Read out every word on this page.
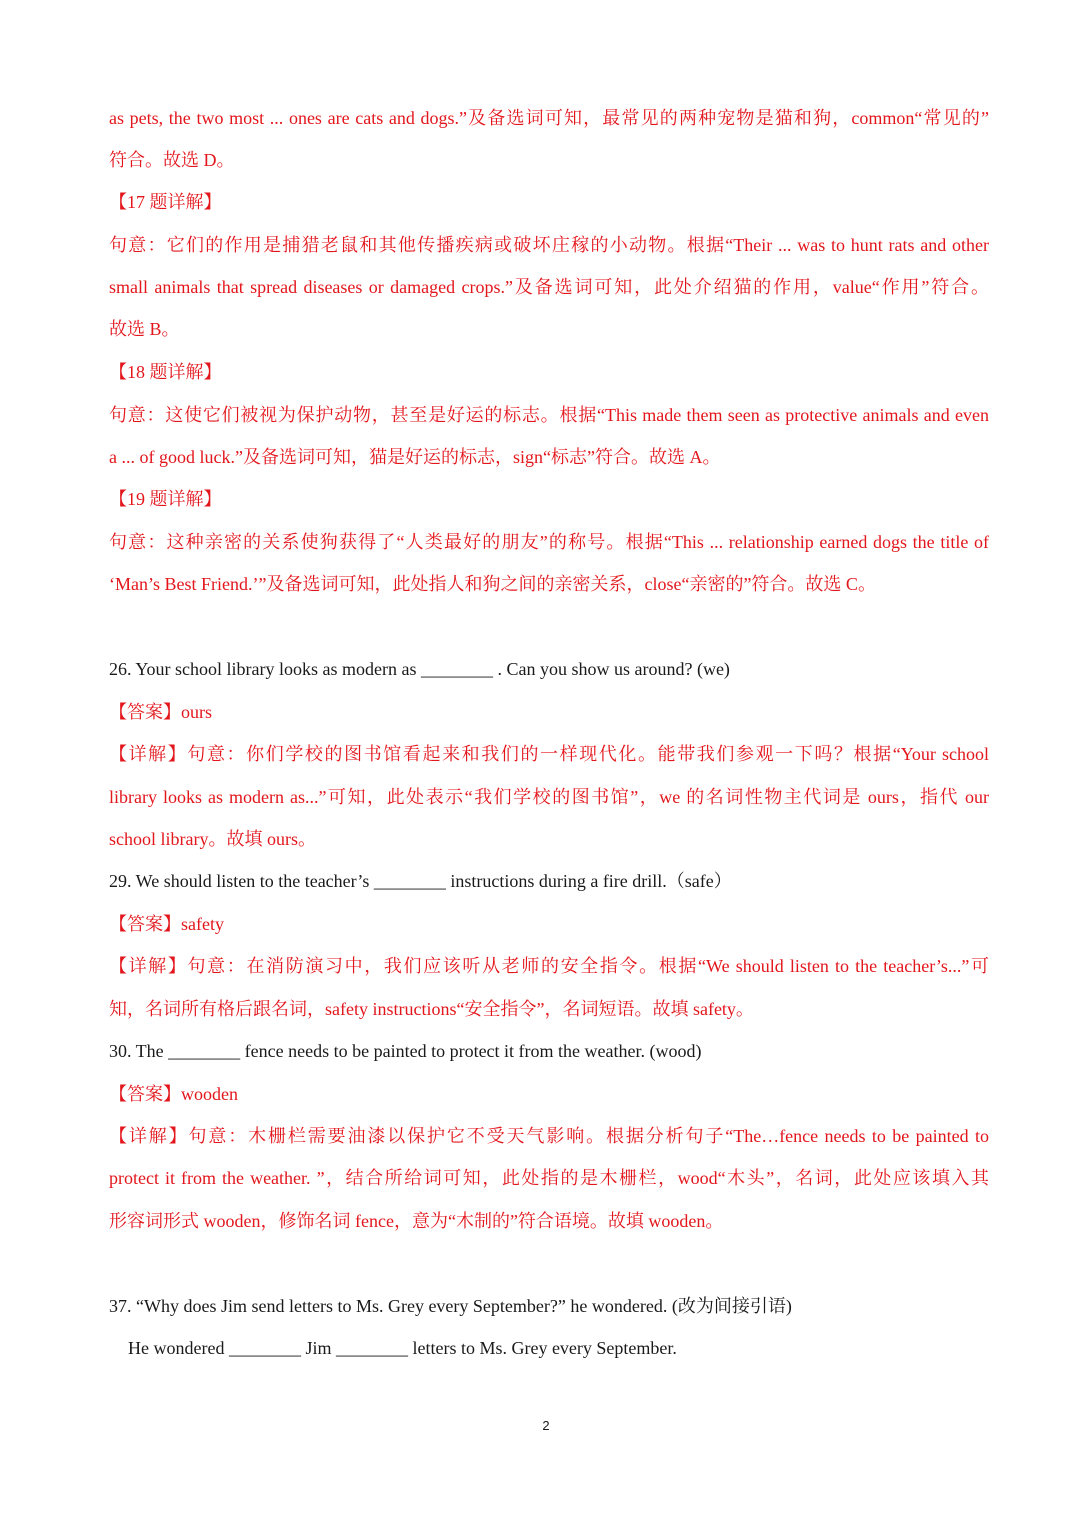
as pets, the two most ... ones are cats and dogs.”及备选词可知，最常见的两种宠物是猫和狗，common“常见的”
符合。故选 D。
【17 题详解】
句意：它们的作用是捕猎老鼠和其他传播疾病或破坏庄稼的小动物。根据“Their ... was to hunt rats and other
small animals that spread diseases or damaged crops.”及备选词可知，此处介绍猫的作用，value“作用”符合。
故选 B。
【18 题详解】
句意：这使它们被视为保护动物，甚至是好运的标志。根据“This made them seen as protective animals and even
a ... of good luck.”及备选词可知，猫是好运的标志，sign“标志”符合。故选 A。
【19 题详解】
句意：这种亲密的关系使狗获得了“人类最好的朋友”的称号。根据“This ... relationship earned dogs the title of
‘Man’s Best Friend.’”及备选词可知，此处指人和狗之间的亲密关系，close“亲密的”符合。故选 C。
26. Your school library looks as modern as ________ . Can you show us around? (we)
【答案】ours
【详解】句意：你们学校的图书馆看起来和我们的一样现代化。能带我们参观一下吗？根据“Your school
library looks as modern as...”可知，此处表示“我们学校的图书馆”，we 的名词性物主代词是 ours，指代 our
school library。故填 ours。
29. We should listen to the teacher’s ________ instructions during a fire drill.（safe）
【答案】safety
【详解】句意：在消防演习中，我们应该听从老师的安全指令。根据“We should listen to the teacher’s...”可
知，名词所有格后跟名词，safety instructions“安全指令”，名词短语。故填 safety。
30. The ________ fence needs to be painted to protect it from the weather. (wood)
【答案】wooden
【详解】句意：木栅栏需要油漆以保护它不受天气影响。根据分析句子“The…fence needs to be painted to
protect it from the weather. ”，结合所给词可知，此处指的是木栅栏，wood“木头”，名词，此处应该填入其
形容词形式 wooden，修饰名词 fence，意为“木制的”符合语境。故填 wooden。
37. “Why does Jim send letters to Ms. Grey every September?” he wondered. (改为间接引语)
He wondered ________ Jim ________ letters to Ms. Grey every September.
2
